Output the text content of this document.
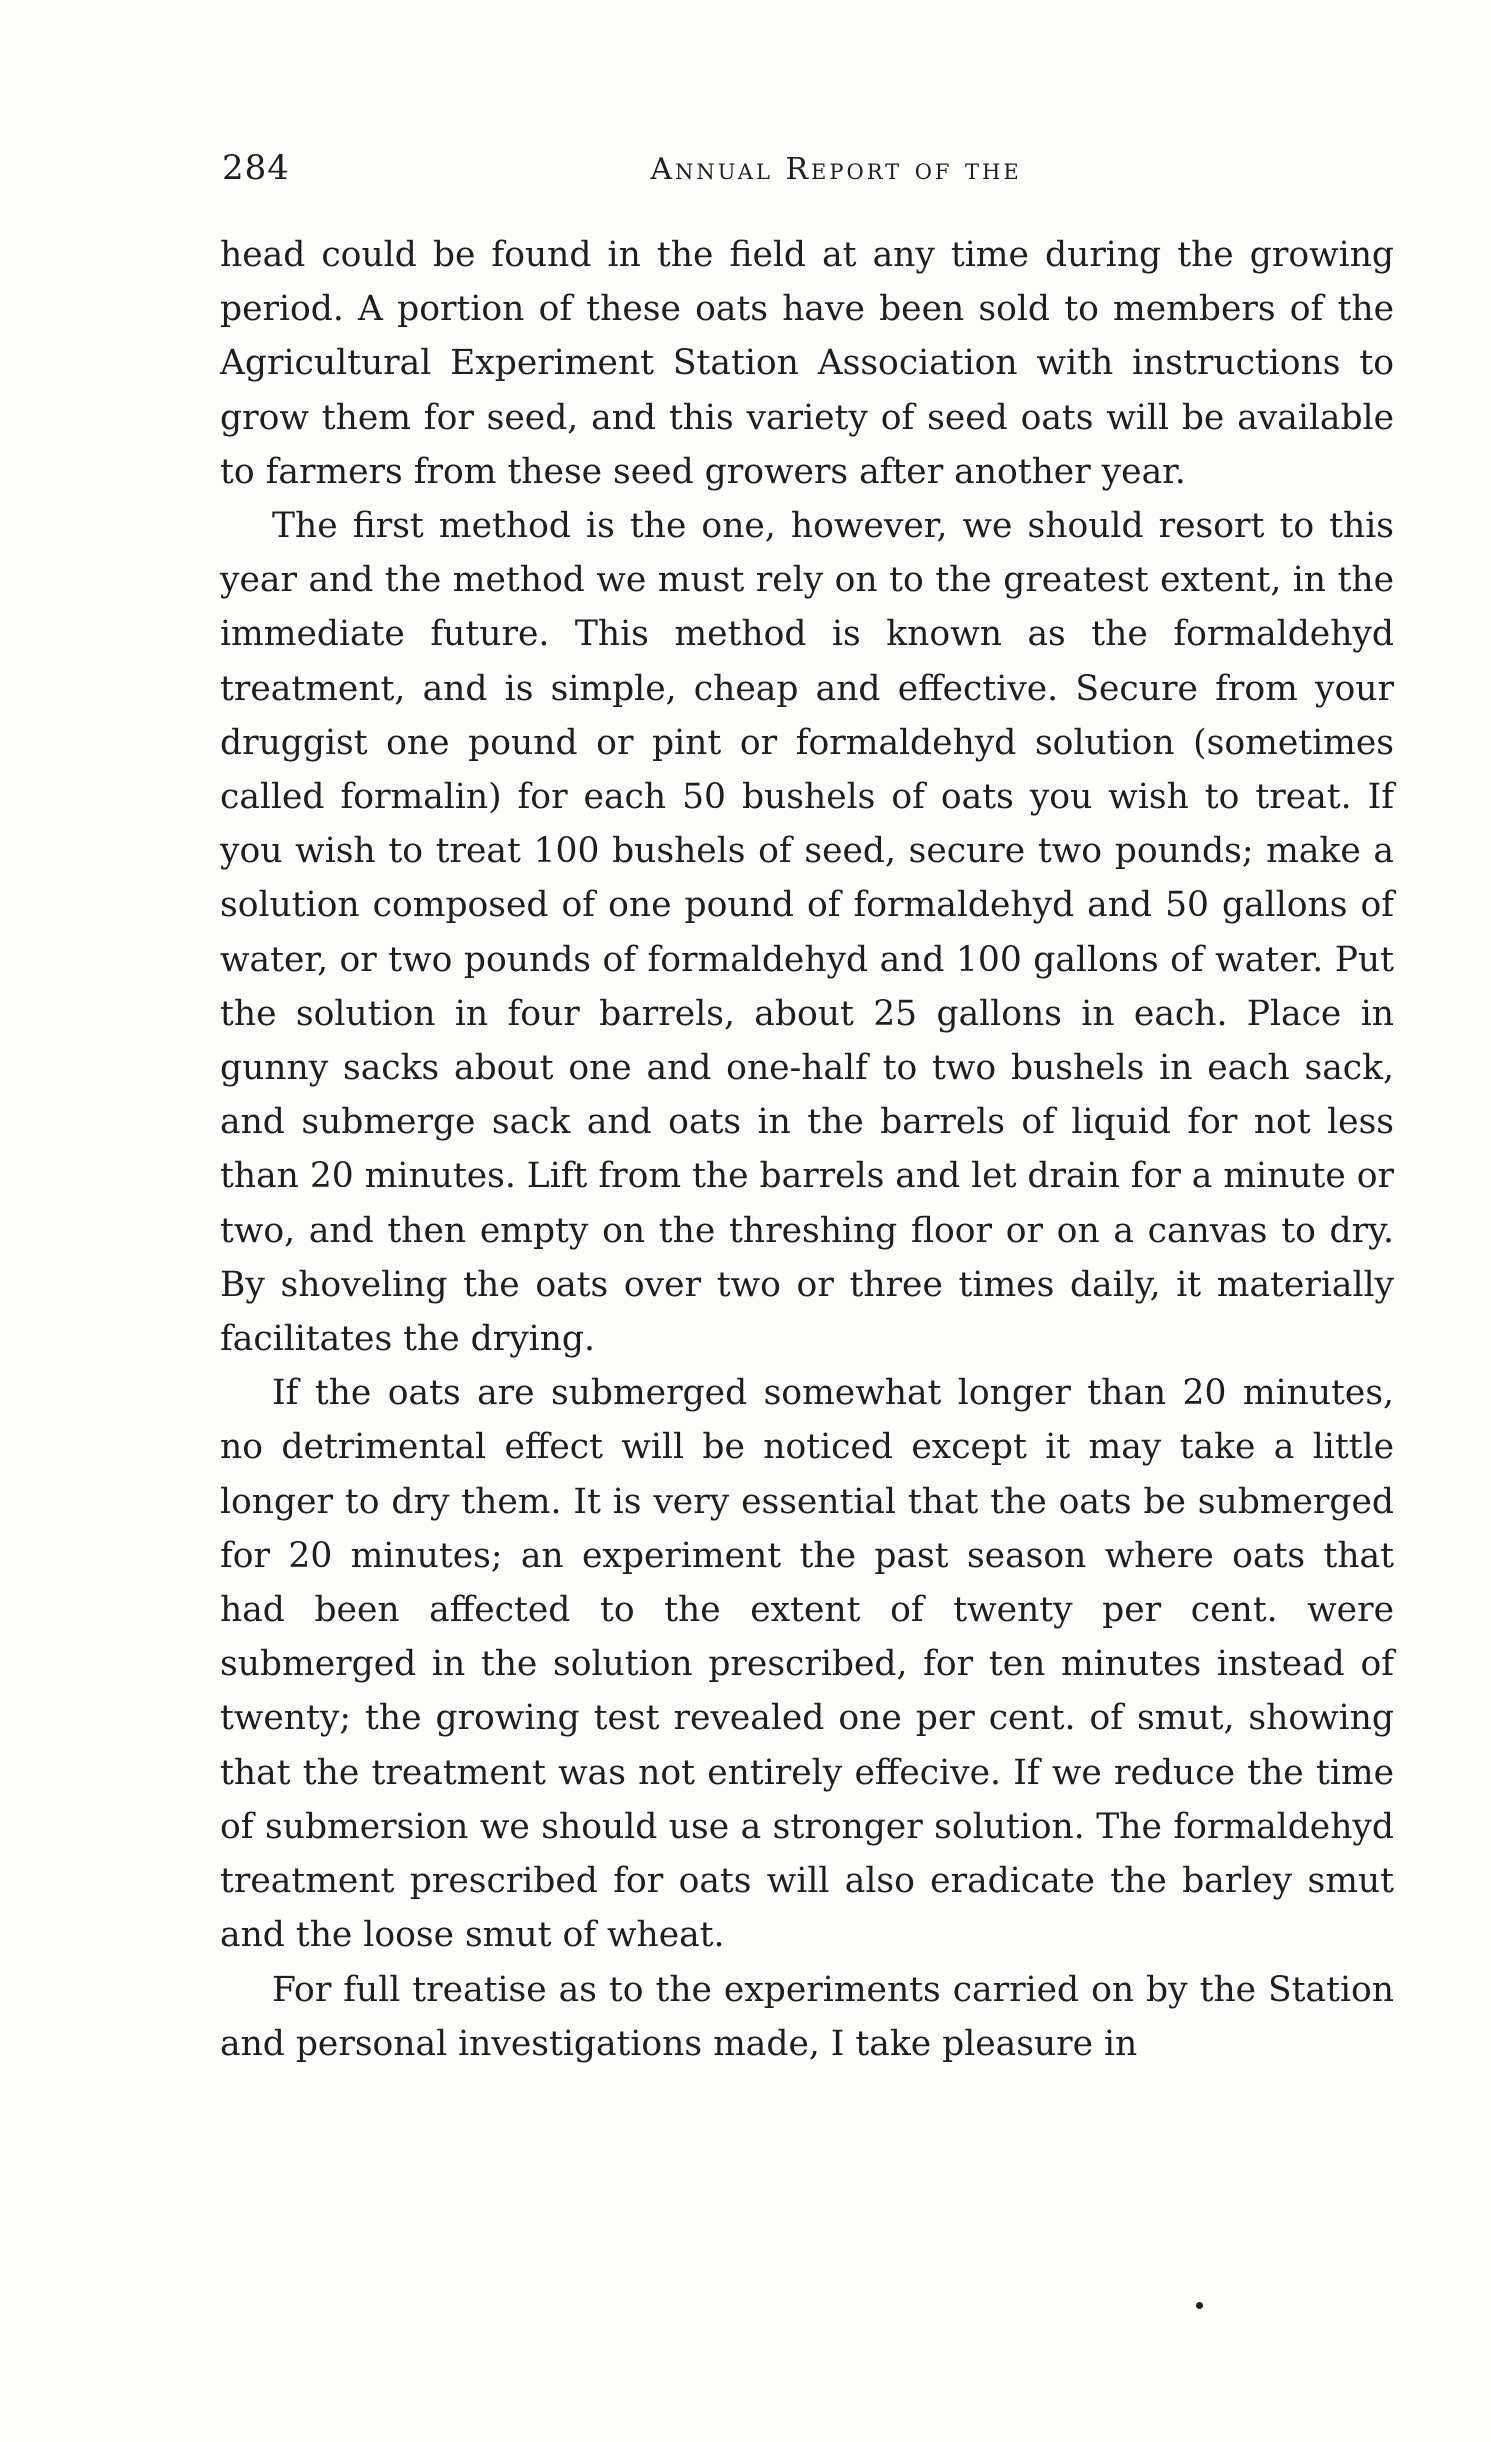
284	Annual Report of the

head could be found in the field at any time during the growing period. A portion of these oats have been sold to members of the Agricultural Experiment Station Association with instructions to grow them for seed, and this variety of seed oats will be available to farmers from these seed growers after another year.

The first method is the one, however, we should resort to this year and the method we must rely on to the greatest extent, in the immediate future. This method is known as the formaldehyd treatment, and is simple, cheap and effective. Secure from your druggist one pound or pint or formaldehyd solution (sometimes called formalin) for each 50 bushels of oats you wish to treat. If you wish to treat 100 bushels of seed, secure two pounds; make a solution composed of one pound of formaldehyd and 50 gallons of water, or two pounds of formaldehyd and 100 gallons of water. Put the solution in four barrels, about 25 gallons in each. Place in gunny sacks about one and one-half to two bushels in each sack, and submerge sack and oats in the barrels of liquid for not less than 20 minutes. Lift from the barrels and let drain for a minute or two, and then empty on the threshing floor or on a canvas to dry. By shoveling the oats over two or three times daily, it materially facilitates the drying.

If the oats are submerged somewhat longer than 20 minutes, no detrimental effect will be noticed except it may take a little longer to dry them. It is very essential that the oats be submerged for 20 minutes; an experiment the past season where oats that had been affected to the extent of twenty per cent. were submerged in the solution prescribed, for ten minutes instead of twenty; the growing test revealed one per cent. of smut, showing that the treatment was not entirely effecive. If we reduce the time of submersion we should use a stronger solution. The formaldehyd treatment prescribed for oats will also eradicate the barley smut and the loose smut of wheat.

For full treatise as to the experiments carried on by the Station and personal investigations made, I take pleasure in
